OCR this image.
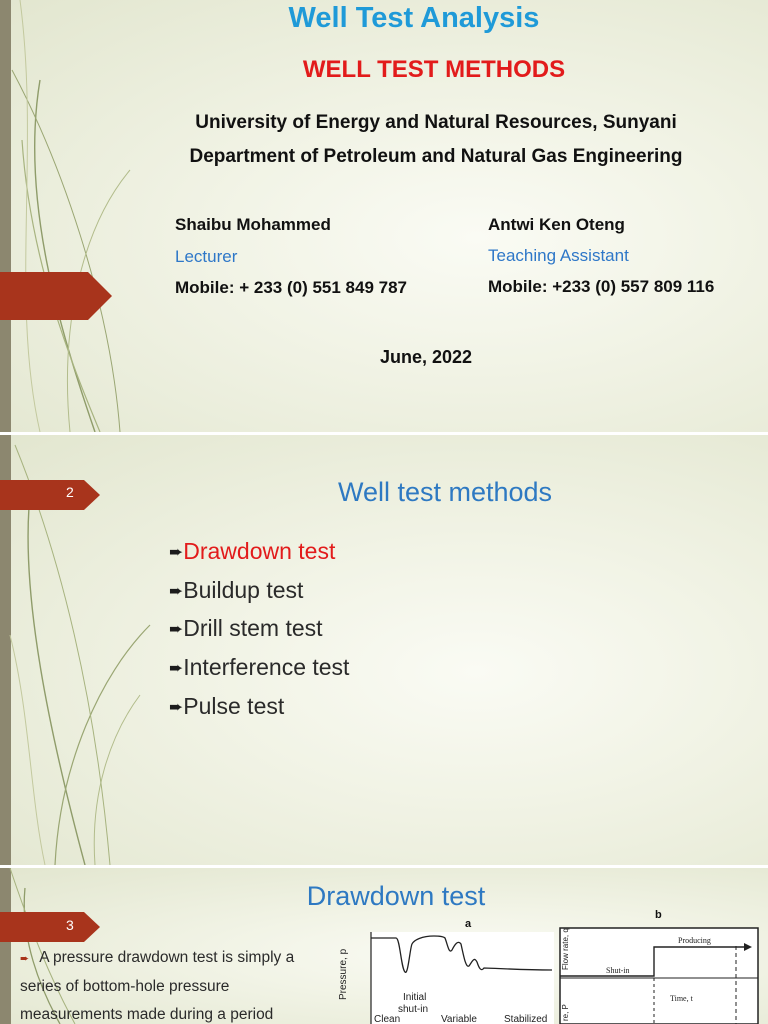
Well Test Analysis
WELL TEST METHODS
University of Energy and Natural Resources, Sunyani
Department of Petroleum and Natural Gas Engineering
Shaibu Mohammed
Lecturer
Mobile: + 233 (0) 551 849 787
Antwi Ken Oteng
Teaching Assistant
Mobile: +233 (0) 557 809 116
June, 2022
2	Well test methods
➨Drawdown test
➨Buildup test
➨Drill stem test
➨Interference test
➨Pulse test
3
Drawdown test
➨ A pressure drawdown test is simply a
series of bottom-hole pressure
measurements made during a period
a
Pressure, p	Initial
shut-in
Clean	Variable	Stabilized
b
Flow rate, q
re, P
Producing
Shut-in
Time, t
